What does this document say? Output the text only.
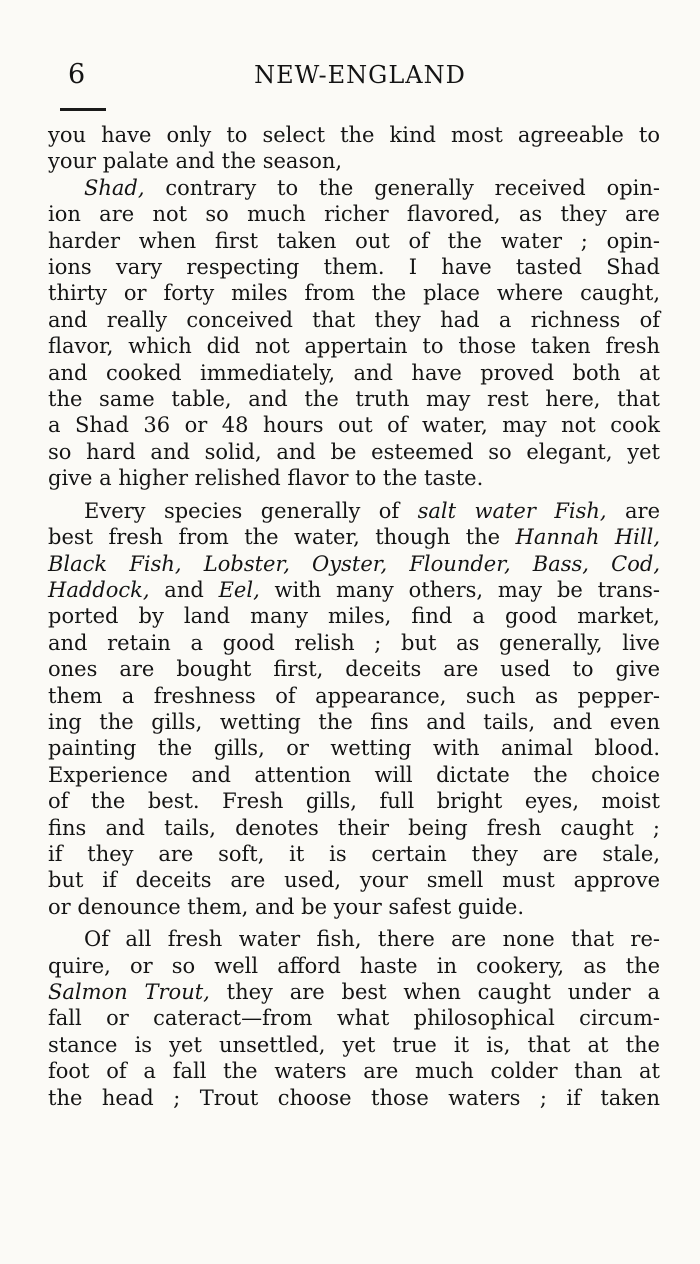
6	NEW-ENGLAND
you have only to select the kind most agreeable to
your palate and the season,
Shad, contrary to the generally received opin-
ion are not so much richer flavored, as they are
harder when first taken out of the water ; opin-
ions vary respecting them. I have tasted Shad
thirty or forty miles from the place where caught,
and really conceived that they had a richness of
flavor, which did not appertain to those taken fresh
and cooked immediately, and have proved both at
the same table, and the truth may rest here, that
a Shad 36 or 48 hours out of water, may not cook
so hard and solid, and be esteemed so elegant, yet
give a higher relished flavor to the taste.
Every species generally of salt water Fish, are
best fresh from the water, though the Hannah Hill,
Black Fish, Lobster, Oyster, Flounder, Bass, Cod,
Haddock, and Eel, with many others, may be trans-
ported by land many miles, find a good market,
and retain a good relish ; but as generally, live
ones are bought first, deceits are used to give
them a freshness of appearance, such as pepper-
ing the gills, wetting the fins and tails, and even
painting the gills, or wetting with animal blood.
Experience and attention will dictate the choice
of the best. Fresh gills, full bright eyes, moist
fins and tails, denotes their being fresh caught ;
if they are soft, it is certain they are stale,
but if deceits are used, your smell must approve
or denounce them, and be your safest guide.
Of all fresh water fish, there are none that re-
quire, or so well afford haste in cookery, as the
Salmon Trout, they are best when caught under a
fall or cateract—from what philosophical circum-
stance is yet unsettled, yet true it is, that at the
foot of a fall the waters are much colder than at
the head ; Trout choose those waters ; if taken
